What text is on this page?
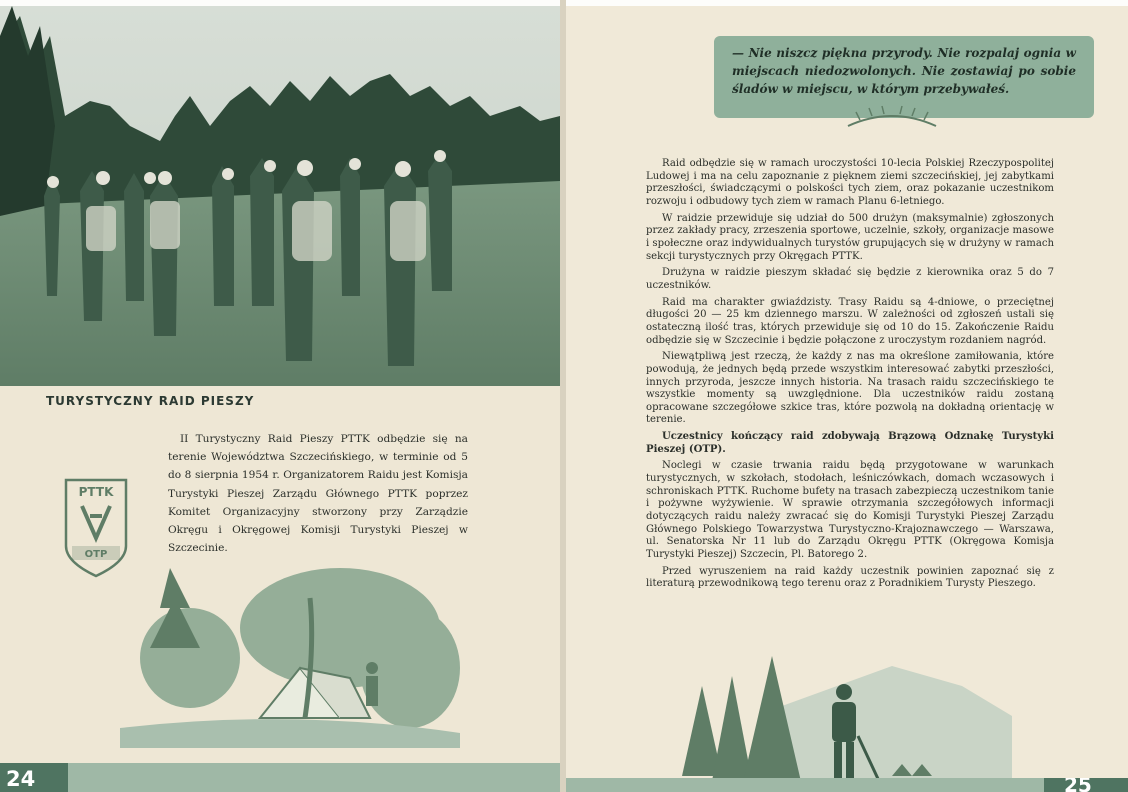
TURYSTYCZNY RAID PIESZY
PTTK
OTP

II Turystyczny Raid Pieszy PTTK odbędzie się na terenie Województwa Szczecińskiego, w terminie od 5 do 8 sierpnia 1954 r. Organizatorem Raidu jest Komisja Turystyki Pieszej Zarządu Głównego PTTK poprzez Komitet Organizacyjny stworzony przy Zarządzie Okręgu i Okręgowej Komisji Turystyki Pieszej w Szczecinie.

24
— Nie niszcz piękna przyrody. Nie rozpalaj ognia w miejscach niedozwolonych. Nie zostawiaj po sobie śladów w miejscu, w którym przebywałeś.

Raid odbędzie się w ramach uroczystości 10-lecia Polskiej Rzeczypospolitej Ludowej i ma na celu zapoznanie z pięknem ziemi szczecińskiej, jej zabytkami przeszłości, świadczącymi o polskości tych ziem, oraz pokazanie uczestnikom rozwoju i odbudowy tych ziem w ramach Planu 6-letniego.

W raidzie przewiduje się udział do 500 drużyn (maksymalnie) zgłoszonych przez zakłady pracy, zrzeszenia sportowe, uczelnie, szkoły, organizacje masowe i społeczne oraz indywidualnych turystów grupujących się w drużyny w ramach sekcji turystycznych przy Okręgach PTTK.

Drużyna w raidzie pieszym składać się będzie z kierownika oraz 5 do 7 uczestników.

Raid ma charakter gwiaździsty. Trasy Raidu są 4-dniowe, o przeciętnej długości 20 — 25 km dziennego marszu. W zależności od zgłoszeń ustali się ostateczną ilość tras, których przewiduje się od 10 do 15. Zakończenie Raidu odbędzie się w Szczecinie i będzie połączone z uroczystym rozdaniem nagród.

Niewątpliwą jest rzeczą, że każdy z nas ma określone zamiłowania, które powodują, że jednych będą przede wszystkim interesować zabytki przeszłości, innych przyroda, jeszcze innych historia. Na trasach raidu szczecińskiego te wszystkie momenty są uwzględnione. Dla uczestników raidu zostaną opracowane szczegółowe szkice tras, które pozwolą na dokładną orientację w terenie.

Uczestnicy kończący raid zdobywają Brązową Odznakę Turystyki Pieszej (OTP).

Noclegi w czasie trwania raidu będą przygotowane w warunkach turystycznych, w szkołach, stodołach, leśniczówkach, domach wczasowych i schroniskach PTTK. Ruchome bufety na trasach zabezpieczą uczestnikom tanie i pożywne wyżywienie. W sprawie otrzymania szczegółowych informacji dotyczących raidu należy zwracać się do Komisji Turystyki Pieszej Zarządu Głównego Polskiego Towarzystwa Turystyczno-Krajoznawczego — Warszawa, ul. Senatorska Nr 11 lub do Zarządu Okręgu PTTK (Okręgowa Komisja Turystyki Pieszej) Szczecin, Pl. Batorego 2.

Przed wyruszeniem na raid każdy uczestnik powinien zapoznać się z literaturą przewodnikową tego terenu oraz z Poradnikiem Turysty Pieszego.

25
